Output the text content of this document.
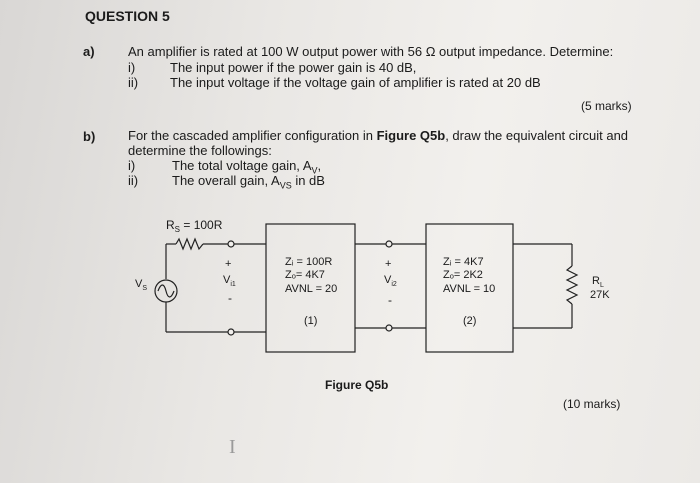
QUESTION 5
a)	An amplifier is rated at 100 W output power with 56 Ω output impedance. Determine:
i)	The input power if the power gain is 40 dB,
ii) The input voltage if the voltage gain of amplifier is rated at 20 dB
(5 marks)
b)	For the cascaded amplifier configuration in Figure Q5b, draw the equivalent circuit and
determine the followings:
i)	The total voltage gain, $A_V$,
ii)	The overall gain, $A_{VS}$ in dB
$R_S = 100R$
$V_S$
+
$V_{i1}$
-
+
$V_{i2}$
-
Zᵢ = 100R
Zₒ= 4K7
AVNL = 20
(1)
Zᵢ = 4K7
Zₒ= 2K2
AVNL = 10
(2)
$R_L$
27K
Figure Q5b
(10 marks)
I
